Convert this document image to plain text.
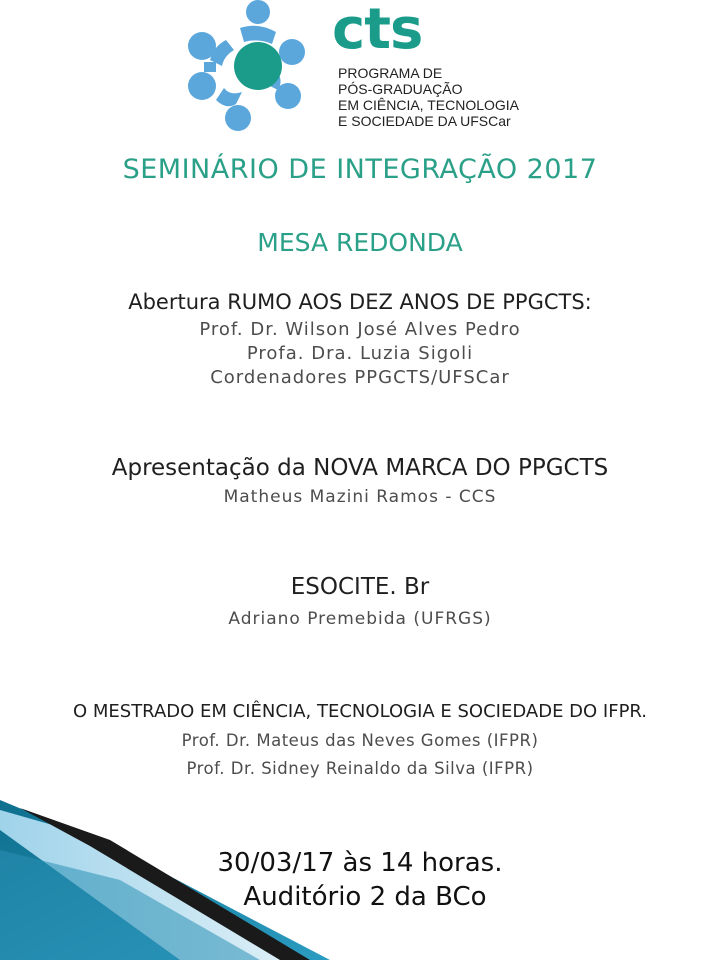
cts
PROGRAMA DE
PÓS-GRADUAÇÃO
EM CIÊNCIA, TECNOLOGIA
E SOCIEDADE DA UFSCar
SEMINÁRIO DE INTEGRAÇÃO 2017
MESA REDONDA
Abertura RUMO AOS DEZ ANOS DE PPGCTS:
Prof. Dr. Wilson José Alves Pedro
Profa. Dra. Luzia Sigoli
Cordenadores PPGCTS/UFSCar
Apresentação da NOVA MARCA DO PPGCTS
Matheus Mazini Ramos - CCS
ESOCITE. Br
Adriano Premebida (UFRGS)
O MESTRADO EM CIÊNCIA, TECNOLOGIA E SOCIEDADE DO IFPR.
Prof. Dr. Mateus das Neves Gomes (IFPR)
Prof. Dr. Sidney Reinaldo da Silva (IFPR)
30/03/17 às 14 horas.
Auditório 2 da BCo
